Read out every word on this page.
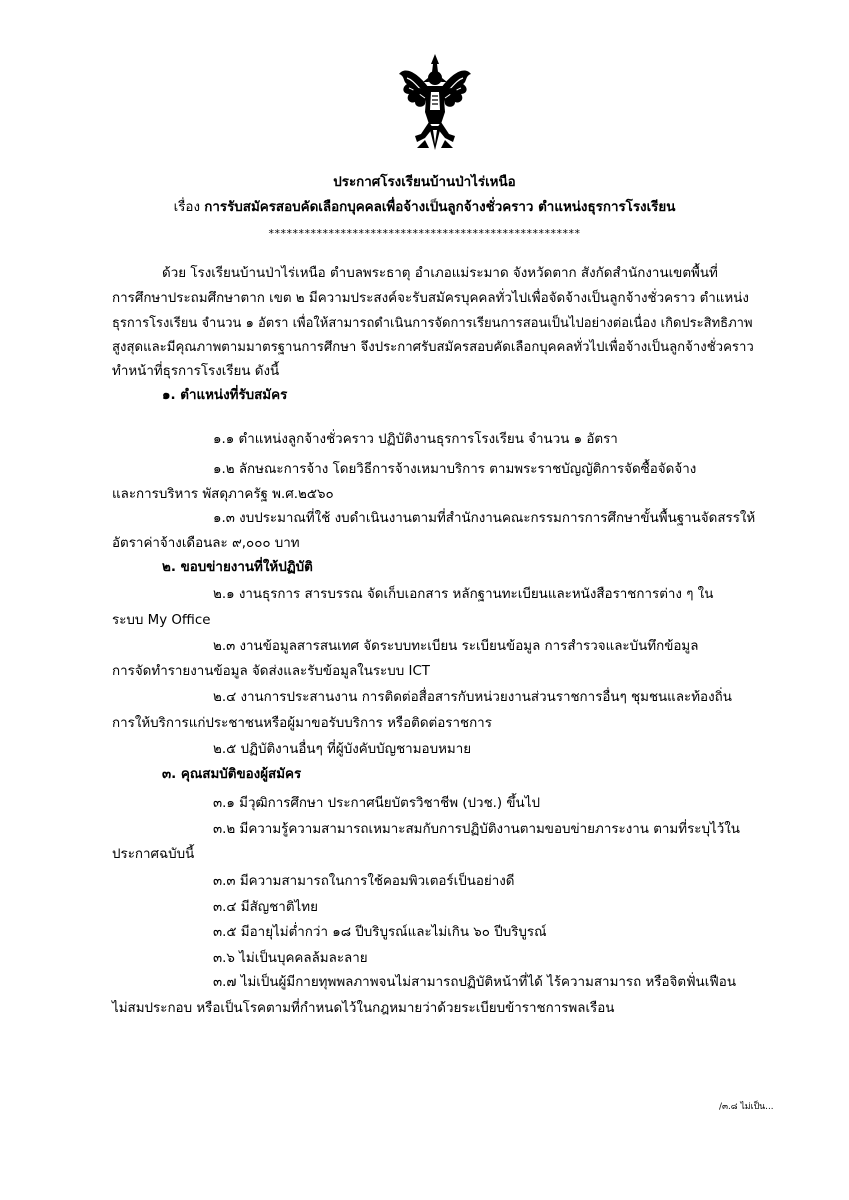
ประกาศโรงเรียนบ้านป่าไร่เหนือ
เรื่อง การรับสมัครสอบคัดเลือกบุคคลเพื่อจ้างเป็นลูกจ้างชั่วคราว ตำแหน่งธุรการโรงเรียน
****************************************************
ด้วย โรงเรียนบ้านป่าไร่เหนือ ตำบลพระธาตุ อำเภอแม่ระมาด จังหวัดตาก สังกัดสำนักงานเขตพื้นที่
การศึกษาประถมศึกษาตาก เขต ๒ มีความประสงค์จะรับสมัครบุคคลทั่วไปเพื่อจัดจ้างเป็นลูกจ้างชั่วคราว ตำแหน่ง
ธุรการโรงเรียน จำนวน ๑ อัตรา เพื่อให้สามารถดำเนินการจัดการเรียนการสอนเป็นไปอย่างต่อเนื่อง เกิดประสิทธิภาพ
สูงสุดและมีคุณภาพตามมาตรฐานการศึกษา จึงประกาศรับสมัครสอบคัดเลือกบุคคลทั่วไปเพื่อจ้างเป็นลูกจ้างชั่วคราว
ทำหน้าที่ธุรการโรงเรียน ดังนี้
๑. ตำแหน่งที่รับสมัคร
๑.๑ ตำแหน่งลูกจ้างชั่วคราว ปฏิบัติงานธุรการโรงเรียน จำนวน ๑ อัตรา
๑.๒ ลักษณะการจ้าง โดยวิธีการจ้างเหมาบริการ ตามพระราชบัญญัติการจัดซื้อจัดจ้าง
และการบริหาร พัสดุภาครัฐ พ.ศ.๒๕๖๐
๑.๓ งบประมาณที่ใช้ งบดำเนินงานตามที่สำนักงานคณะกรรมการการศึกษาขั้นพื้นฐานจัดสรรให้
อัตราค่าจ้างเดือนละ ๙,๐๐๐ บาท
๒. ขอบข่ายงานที่ให้ปฏิบัติ
๒.๑ งานธุรการ สารบรรณ จัดเก็บเอกสาร หลักฐานทะเบียนและหนังสือราชการต่าง ๆ ใน
ระบบ My Office
๒.๓ งานข้อมูลสารสนเทศ จัดระบบทะเบียน ระเบียนข้อมูล การสำรวจและบันทึกข้อมูล
การจัดทำรายงานข้อมูล จัดส่งและรับข้อมูลในระบบ ICT
๒.๔ งานการประสานงาน การติดต่อสื่อสารกับหน่วยงานส่วนราชการอื่นๆ ชุมชนและท้องถิ่น
การให้บริการแก่ประชาชนหรือผู้มาขอรับบริการ หรือติดต่อราชการ
๒.๕ ปฏิบัติงานอื่นๆ ที่ผู้บังคับบัญชามอบหมาย
๓. คุณสมบัติของผู้สมัคร
๓.๑ มีวุฒิการศึกษา ประกาศนียบัตรวิชาชีพ (ปวช.) ขึ้นไป
๓.๒ มีความรู้ความสามารถเหมาะสมกับการปฏิบัติงานตามขอบข่ายภาระงาน ตามที่ระบุไว้ใน
ประกาศฉบับนี้
๓.๓ มีความสามารถในการใช้คอมพิวเตอร์เป็นอย่างดี
๓.๔ มีสัญชาติไทย
๓.๕ มีอายุไม่ต่ำกว่า ๑๘ ปีบริบูรณ์และไม่เกิน ๖๐ ปีบริบูรณ์
๓.๖ ไม่เป็นบุคคลล้มละลาย
๓.๗ ไม่เป็นผู้มีกายทุพพลภาพจนไม่สามารถปฏิบัติหน้าที่ได้ ไร้ความสามารถ หรือจิตฟั่นเฟือน
ไม่สมประกอบ หรือเป็นโรคตามที่กำหนดไว้ในกฎหมายว่าด้วยระเบียบข้าราชการพลเรือน
/๓.๘ ไม่เป็น...
